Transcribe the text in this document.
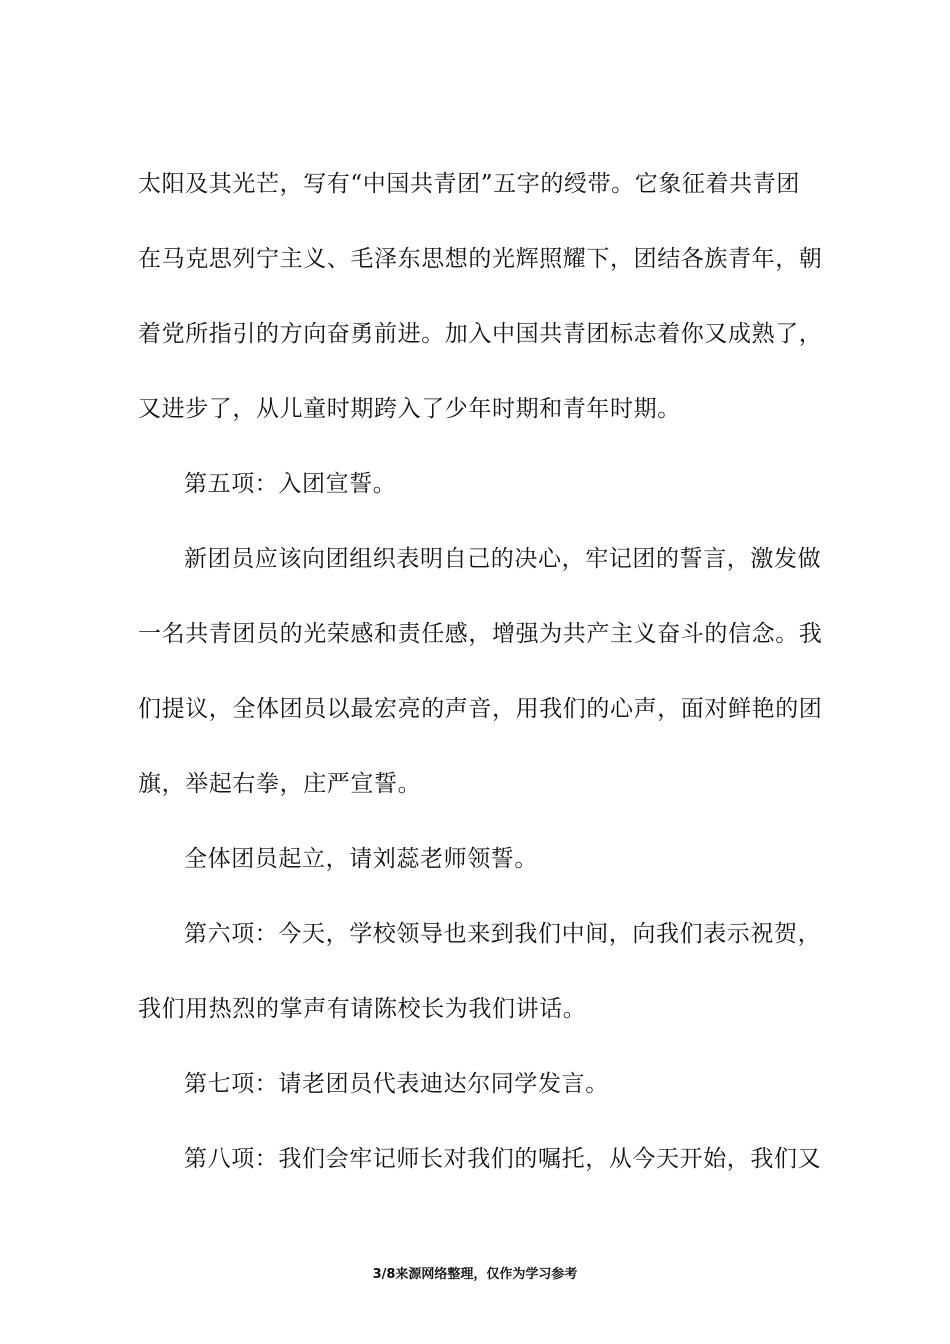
太阳及其光芒，写有“中国共青团”五字的绶带。它象征着共青团
在马克思列宁主义、毛泽东思想的光辉照耀下，团结各族青年，朝
着党所指引的方向奋勇前进。加入中国共青团标志着你又成熟了，
又进步了，从儿童时期跨入了少年时期和青年时期。
第五项：入团宣誓。
新团员应该向团组织表明自己的决心，牢记团的誓言，激发做
一名共青团员的光荣感和责任感，增强为共产主义奋斗的信念。我
们提议，全体团员以最宏亮的声音，用我们的心声，面对鲜艳的团
旗，举起右拳，庄严宣誓。
全体团员起立，请刘蕊老师领誓。
第六项：今天，学校领导也来到我们中间，向我们表示祝贺，
我们用热烈的掌声有请陈校长为我们讲话。
第七项：请老团员代表迪达尔同学发言。
第八项：我们会牢记师长对我们的嘱托，从今天开始，我们又
3/8来源网络整理，仅作为学习参考
